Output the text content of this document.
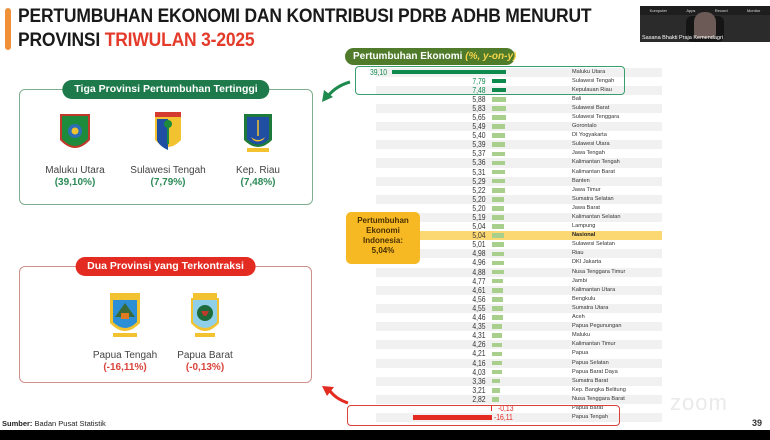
PERTUMBUHAN EKONOMI DAN KONTRIBUSI PDRB ADHB MENURUT
PROVINSI TRIWULAN 3-2025
Komputer	Apps	Record	Monitor
Sasana Bhakti Praja Kemendagri
Tiga Provinsi Pertumbuhan Tertinggi
Maluku Utara
(39,10%)
Sulawesi Tengah
(7,79%)
Kep. Riau
(7,48%)
Dua Provinsi yang Terkontraksi
Papua Tengah
(-16,11%)
Papua Barat
(-0,13%)
Pertumbuhan Ekonomi (%, y-on-y)
39,10	Maluku Utara
7,79	Sulawesi Tengah
7,48	Kepulauan Riau
5,88	Bali
5,83	Sulawesi Barat
5,65	Sulawesi Tenggara
5,49	Gorontalo
5,40	DI Yogyakarta
5,39	Sulawesi Utara
5,37	Jawa Tengah
5,36	Kalimantan Tengah
5,31	Kalimantan Barat
5,29	Banten
5,22	Jawa Timur
5,20	Sumatra Selatan
5,20	Jawa Barat
5,19	Kalimantan Selatan
5,04	Lampung
5,04	Nasional
5,01	Sulawesi Selatan
4,98	Riau
4,96	DKI Jakarta
4,88	Nusa Tenggara Timur
4,77	Jambi
4,61	Kalimantan Utara
4,56	Bengkulu
4,55	Sumatra Utara
4,46	Aceh
4,35	Papua Pegunungan
4,31	Maluku
4,26	Kalimantan Timur
4,21	Papua
4,16	Papua Selatan
4,03	Papua Barat Daya
3,36	Sumatra Barat
3,21	Kep. Bangka Belitung
2,82	Nusa Tenggara Barat
-0,13	Papua Barat
-16,11	Papua Tengah
Pertumbuhan
Ekonomi
Indonesia:
5,04%
zoom
Sumber: Badan Pusat Statistik	39
